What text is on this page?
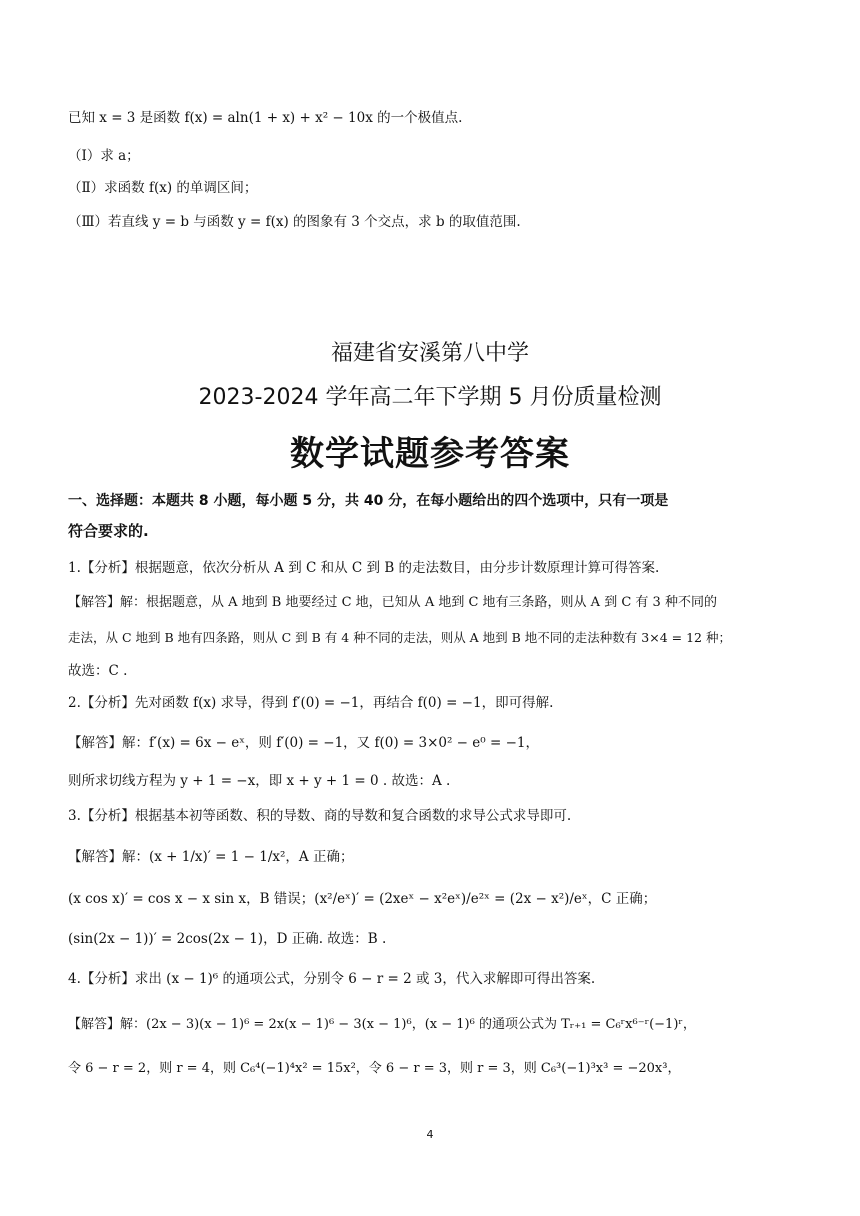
已知 x = 3 是函数 f(x) = aln(1 + x) + x² − 10x 的一个极值点.
（Ⅰ）求 a；
（Ⅱ）求函数 f(x) 的单调区间；
（Ⅲ）若直线 y = b 与函数 y = f(x) 的图象有 3 个交点，求 b 的取值范围.
福建省安溪第八中学
2023-2024 学年高二年下学期 5 月份质量检测
数学试题参考答案
一、选择题：本题共 8 小题，每小题 5 分，共 40 分，在每小题给出的四个选项中，只有一项是
符合要求的.
1.【分析】根据题意，依次分析从 A 到 C 和从 C 到 B 的走法数目，由分步计数原理计算可得答案.
【解答】解：根据题意，从 A 地到 B 地要经过 C 地，已知从 A 地到 C 地有三条路，则从 A 到 C 有 3 种不同的
走法，从 C 地到 B 地有四条路，则从 C 到 B 有 4 种不同的走法，则从 A 地到 B 地不同的走法种数有 3×4 = 12 种；
故选：C .
2.【分析】先对函数 f(x) 求导，得到 f′(0) = −1，再结合 f(0) = −1，即可得解.
【解答】解：f′(x) = 6x − eˣ，则 f′(0) = −1，又 f(0) = 3×0² − e⁰ = −1，
则所求切线方程为 y + 1 = −x，即 x + y + 1 = 0 . 故选：A .
3.【分析】根据基本初等函数、积的导数、商的导数和复合函数的求导公式求导即可.
【解答】解：(x + 1/x)′ = 1 − 1/x²，A 正确；
(x cos x)′ = cos x − x sin x，B 错误；(x²/eˣ)′ = (2xeˣ − x²eˣ)/e²ˣ = (2x − x²)/eˣ，C 正确；
(sin(2x − 1))′ = 2cos(2x − 1)，D 正确. 故选：B .
4.【分析】求出 (x − 1)⁶ 的通项公式，分别令 6 − r = 2 或 3，代入求解即可得出答案.
【解答】解：(2x − 3)(x − 1)⁶ = 2x(x − 1)⁶ − 3(x − 1)⁶，(x − 1)⁶ 的通项公式为 Tᵣ₊₁ = C₆ʳx⁶⁻ʳ(−1)ʳ，
令 6 − r = 2，则 r = 4，则 C₆⁴(−1)⁴x² = 15x²，令 6 − r = 3，则 r = 3，则 C₆³(−1)³x³ = −20x³，
4
